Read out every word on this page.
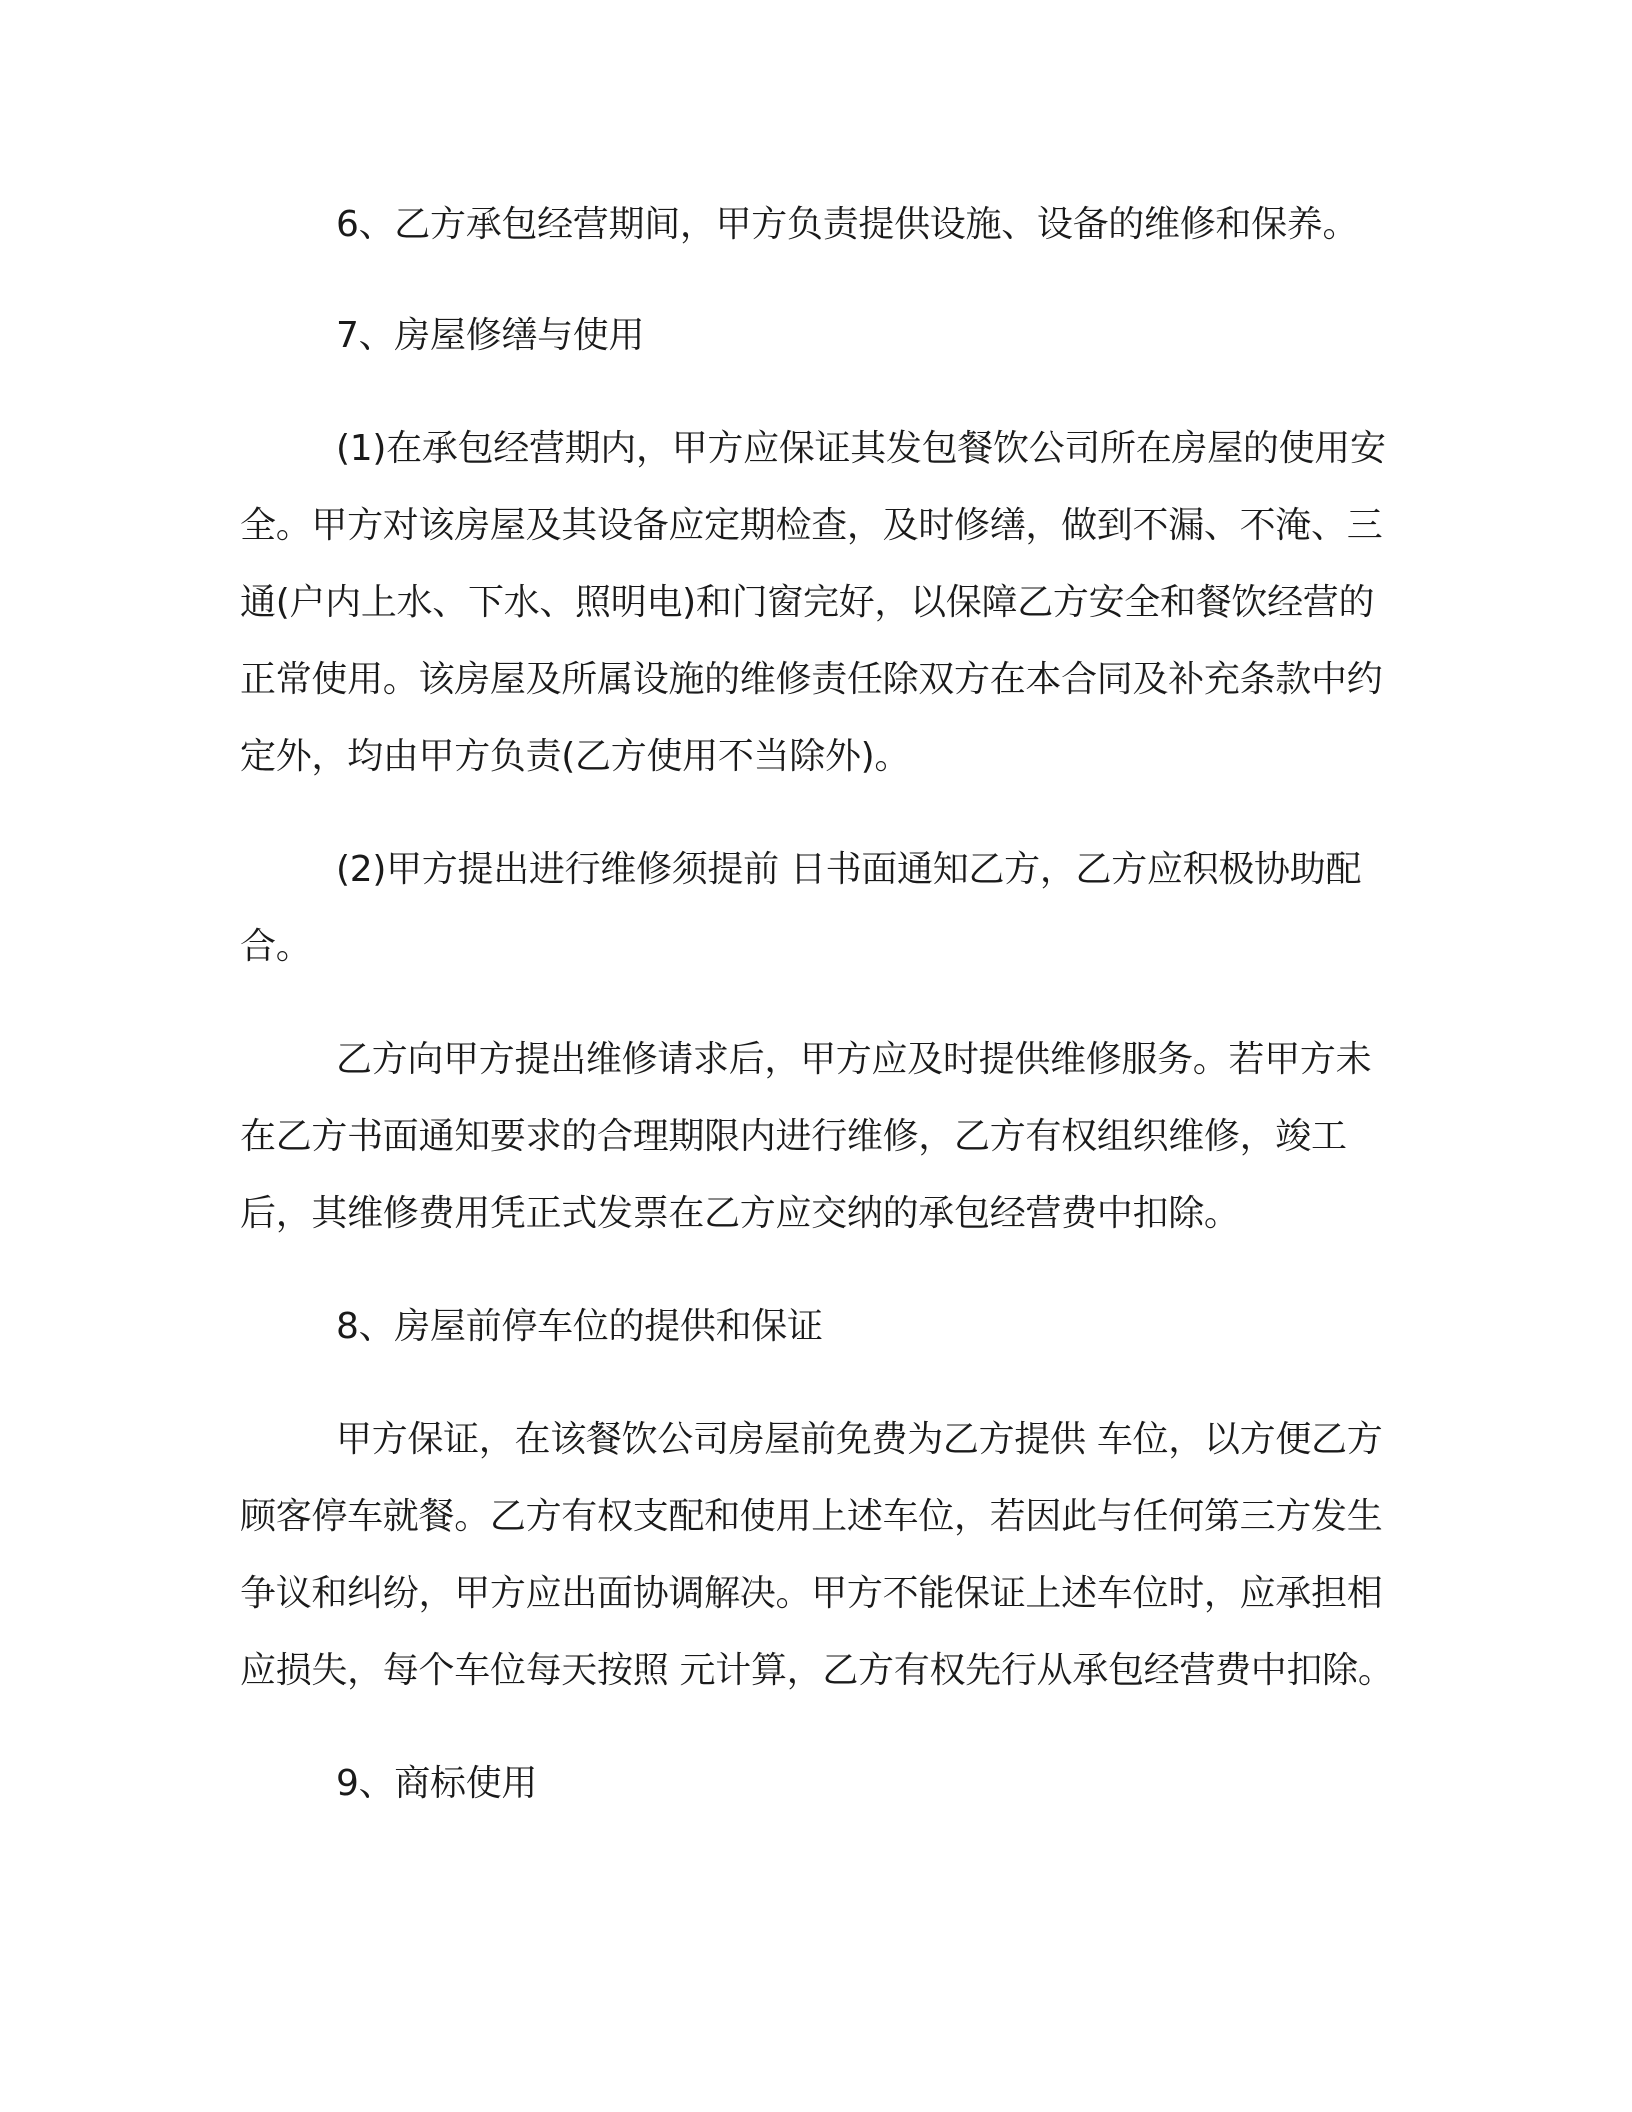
6、乙方承包经营期间，甲方负责提供设施、设备的维修和保养。

7、房屋修缮与使用

(1)在承包经营期内，甲方应保证其发包餐饮公司所在房屋的使用安全。甲方对该房屋及其设备应定期检查，及时修缮，做到不漏、不淹、三通(户内上水、下水、照明电)和门窗完好，以保障乙方安全和餐饮经营的正常使用。该房屋及所属设施的维修责任除双方在本合同及补充条款中约定外，均由甲方负责(乙方使用不当除外)。

(2)甲方提出进行维修须提前 日书面通知乙方，乙方应积极协助配合。

乙方向甲方提出维修请求后，甲方应及时提供维修服务。若甲方未在乙方书面通知要求的合理期限内进行维修，乙方有权组织维修，竣工后，其维修费用凭正式发票在乙方应交纳的承包经营费中扣除。

8、房屋前停车位的提供和保证

甲方保证，在该餐饮公司房屋前免费为乙方提供 车位，以方便乙方顾客停车就餐。乙方有权支配和使用上述车位，若因此与任何第三方发生争议和纠纷，甲方应出面协调解决。甲方不能保证上述车位时，应承担相应损失，每个车位每天按照 元计算，乙方有权先行从承包经营费中扣除。

9、商标使用
